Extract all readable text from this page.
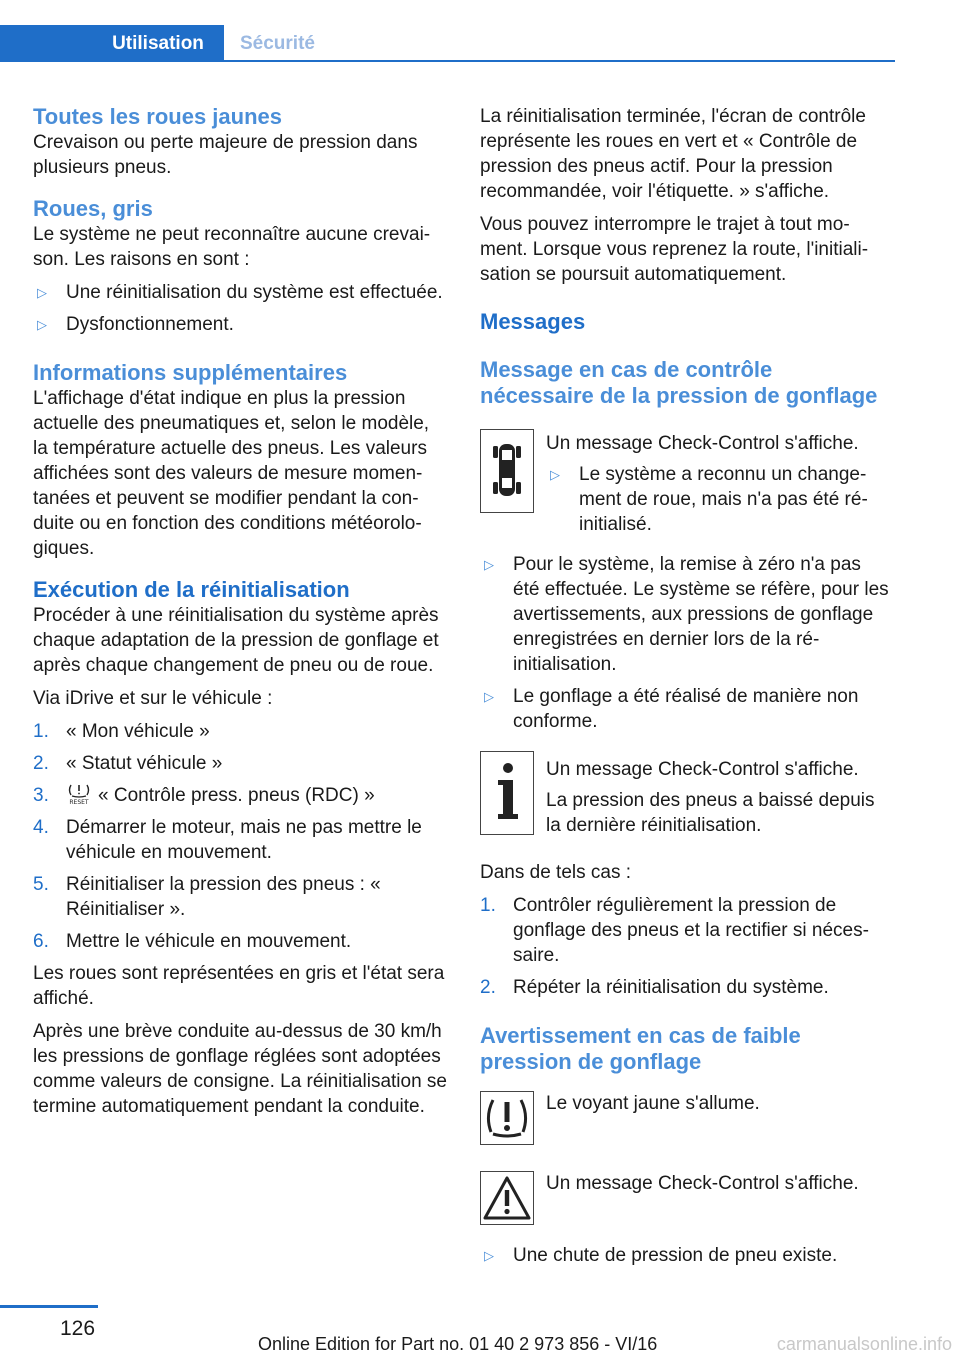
Utilisation	Sécurité
Toutes les roues jaunes

Crevaison ou perte majeure de pression dans plusieurs pneus.

Roues, gris

Le système ne peut reconnaître aucune crevaison. Les raisons en sont :

▷ Une réinitialisation du système est effectuée.
▷ Dysfonctionnement.
Informations supplémentaires

L'affichage d'état indique en plus la pression actuelle des pneumatiques et, selon le modèle, la température actuelle des pneus. Les valeurs affichées sont des valeurs de mesure momentanées et peuvent se modifier pendant la conduite ou en fonction des conditions météorologiques.

Exécution de la réinitialisation

Procéder à une réinitialisation du système après chaque adaptation de la pression de gonflage et après chaque changement de pneu ou de roue.

Via iDrive et sur le véhicule :

1. « Mon véhicule »
2. « Statut véhicule »
3.	RESET « Contrôle press. pneus (RDC) »
4. Démarrer le moteur, mais ne pas mettre le véhicule en mouvement.
5. Réinitialiser la pression des pneus : « Réinitialiser ».
6. Mettre le véhicule en mouvement.

Les roues sont représentées en gris et l'état sera affiché.

Après une brève conduite au-dessus de 30 km/h les pressions de gonflage réglées sont adoptées comme valeurs de consigne. La réinitialisation se termine automatiquement pendant la conduite.

La réinitialisation terminée, l'écran de contrôle représente les roues en vert et « Contrôle de pression des pneus actif. Pour la pression recommandée, voir l'étiquette. » s'affiche.

Vous pouvez interrompre le trajet à tout moment. Lorsque vous reprenez la route, l'initialisation se poursuit automatiquement.

Messages
Message en cas de contrôle nécessaire de la pression de gonflage

Un message Check-Control s'affiche.

▷ Le système a reconnu un changement de roue, mais n'a pas été réinitialisé.
▷ Pour le système, la remise à zéro n'a pas été effectuée. Le système se réfère, pour les avertissements, aux pressions de gonflage enregistrées en dernier lors de la réinitialisation.
▷ Le gonflage a été réalisé de manière non conforme.

Un message Check-Control s'affiche.

La pression des pneus a baissé depuis la dernière réinitialisation.

Dans de tels cas :

1. Contrôler régulièrement la pression de gonflage des pneus et la rectifier si nécessaire.
2. Répéter la réinitialisation du système.
Avertissement en cas de faible pression de gonflage

Le voyant jaune s'allume.

Un message Check-Control s'affiche.

▷ Une chute de pression de pneu existe.
126
Online Edition for Part no. 01 40 2 973 856 - VI/16	carmanualsonline.info
